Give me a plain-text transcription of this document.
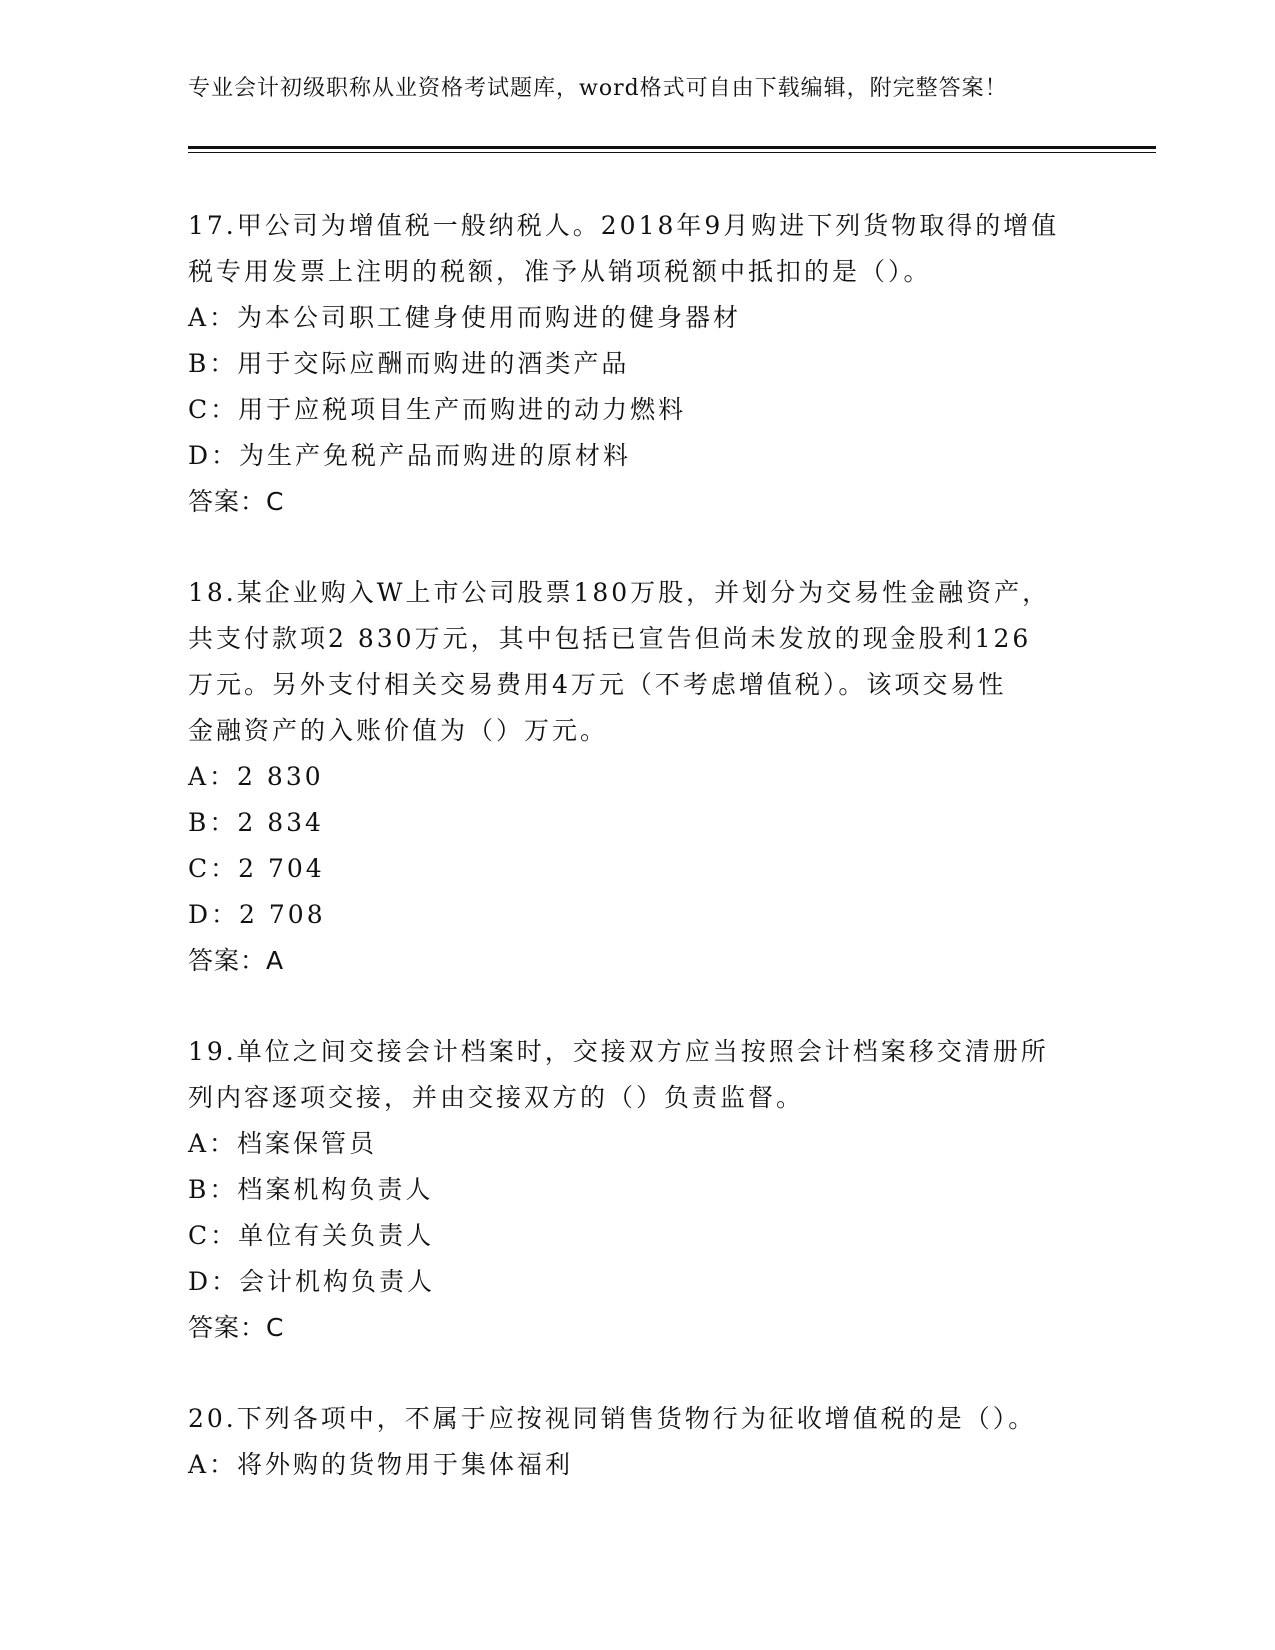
专业会计初级职称从业资格考试题库，word格式可自由下载编辑，附完整答案！
17.甲公司为增值税一般纳税人。2018年9月购进下列货物取得的增值
税专用发票上注明的税额，准予从销项税额中抵扣的是（）。
A：为本公司职工健身使用而购进的健身器材
B：用于交际应酬而购进的酒类产品
C：用于应税项目生产而购进的动力燃料
D：为生产免税产品而购进的原材料
答案：C
18.某企业购入W上市公司股票180万股，并划分为交易性金融资产，
共支付款项2 830万元，其中包括已宣告但尚未发放的现金股利126
万元。另外支付相关交易费用4万元（不考虑增值税）。该项交易性
金融资产的入账价值为（）万元。
A：2 830
B：2 834
C：2 704
D：2 708
答案：A
19.单位之间交接会计档案时，交接双方应当按照会计档案移交清册所
列内容逐项交接，并由交接双方的（）负责监督。
A：档案保管员
B：档案机构负责人
C：单位有关负责人
D：会计机构负责人
答案：C
20.下列各项中，不属于应按视同销售货物行为征收增值税的是（）。
A：将外购的货物用于集体福利
